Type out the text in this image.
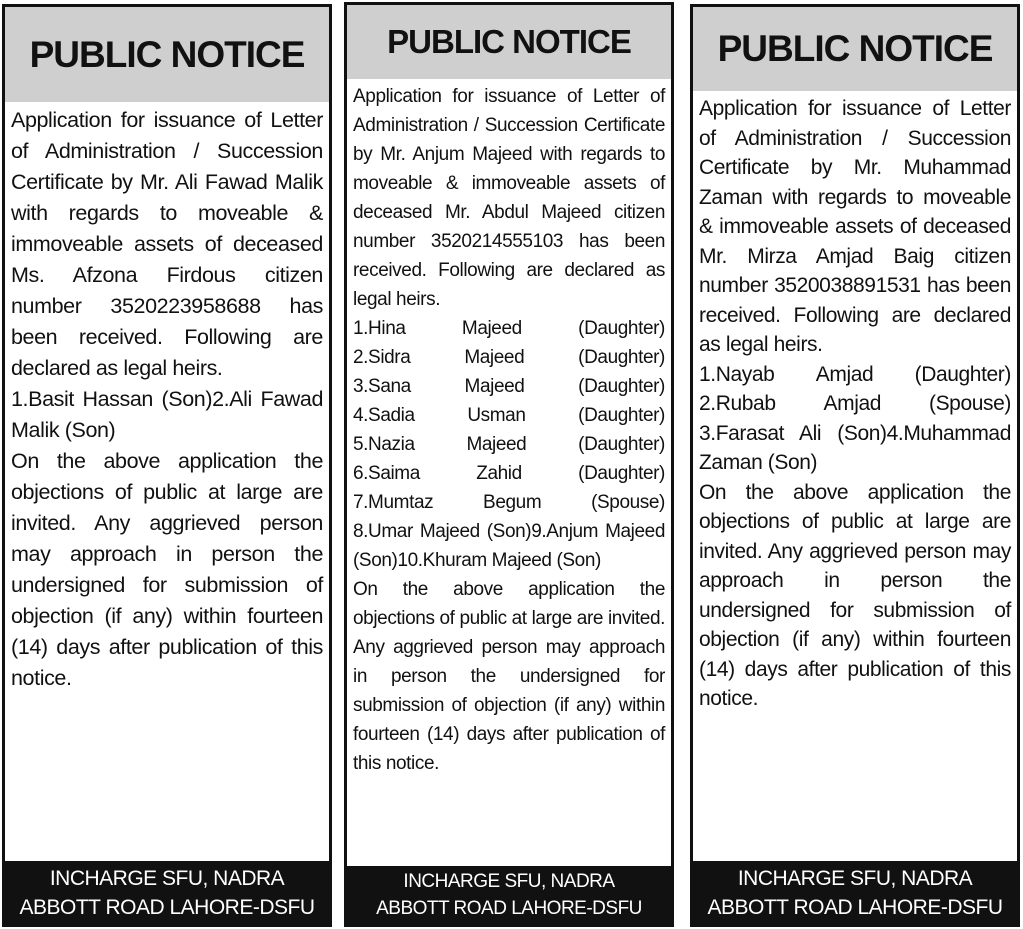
PUBLIC NOTICE

Application for issuance of Letter of Administration / Succession Certificate by Mr. Ali Fawad Malik with regards to moveable & immoveable assets of deceased Ms. Afzona Firdous citizen number 3520223958688 has been received. Following are declared as legal heirs.

1.Basit Hassan (Son)2.Ali Fawad Malik (Son)

On the above application the objections of public at large are invited. Any aggrieved person may approach in person the undersigned for submission of objection (if any) within fourteen (14) days after publication of this notice.

INCHARGE SFU, NADRA
ABBOTT ROAD LAHORE-DSFU
PUBLIC NOTICE

Application for issuance of Letter of Administration / Succession Certificate by Mr. Anjum Majeed with regards to moveable & immoveable assets of deceased Mr. Abdul Majeed citizen number 3520214555103 has been received. Following are declared as legal heirs.

1.Hina	Majeed	(Daughter)
2.Sidra	Majeed	(Daughter)
3.Sana	Majeed	(Daughter)
4.Sadia	Usman	(Daughter)
5.Nazia	Majeed	(Daughter)
6.Saima	Zahid	(Daughter)
7.Mumtaz	Begum	(Spouse)

8.Umar Majeed (Son)9.Anjum Majeed (Son)10.Khuram Majeed (Son)

On the above application the objections of public at large are invited. Any aggrieved person may approach in person the undersigned for submission of objection (if any) within fourteen (14) days after publication of this notice.

INCHARGE SFU, NADRA
ABBOTT ROAD LAHORE-DSFU
PUBLIC NOTICE

Application for issuance of Letter of Administration / Succession Certificate by Mr. Muhammad Zaman with regards to moveable & immoveable assets of deceased Mr. Mirza Amjad Baig citizen number 3520038891531 has been received. Following are declared as legal heirs.

1.Nayab Amjad (Daughter)
2.Rubab Amjad (Spouse)

3.Farasat Ali (Son)4.Muhammad Zaman (Son)

On the above application the objections of public at large are invited. Any aggrieved person may approach in person the undersigned for submission of objection (if any) within fourteen (14) days after publication of this notice.

INCHARGE SFU, NADRA
ABBOTT ROAD LAHORE-DSFU
